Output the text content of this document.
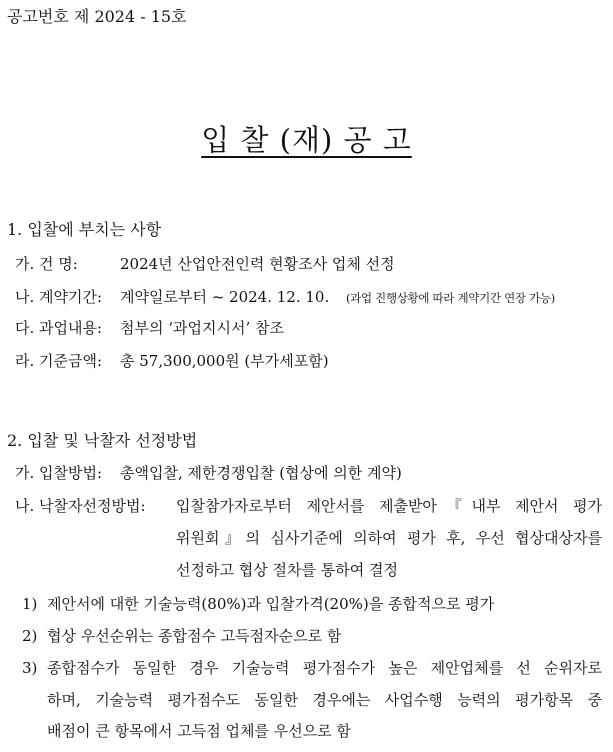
공고번호 제 2024 - 15호
입 찰 (재) 공 고
1. 입찰에 부치는 사항
가. 건 명:	2024년 산업안전인력 현황조사 업체 선정
나. 계약기간: 계약일로부터 ~ 2024. 12. 10. (과업 진행상황에 따라 계약기간 연장 가능)
다. 과업내용: 첨부의 ‘과업지시서’ 참조
라. 기준금액: 총 57,300,000원 (부가세포함)
2. 입찰 및 낙찰자 선정방법
가. 입찰방법: 총액입찰, 제한경쟁입찰 (협상에 의한 계약)
나. 낙찰자선정방법: 입찰참가자로부터 제안서를 제출받아『내부 제안서 평가
위원회』의 심사기준에 의하여 평가 후, 우선 협상대상자를
선정하고 협상 절차를 통하여 결정
1) 제안서에 대한 기술능력(80%)과 입찰가격(20%)을 종합적으로 평가
2) 협상 우선순위는 종합점수 고득점자순으로 함
3) 종합점수가 동일한 경우 기술능력 평가점수가 높은 제안업체를 선 순위자로
하며, 기술능력 평가점수도 동일한 경우에는 사업수행 능력의 평가항목 중
배점이 큰 항목에서 고득점 업체를 우선으로 함
